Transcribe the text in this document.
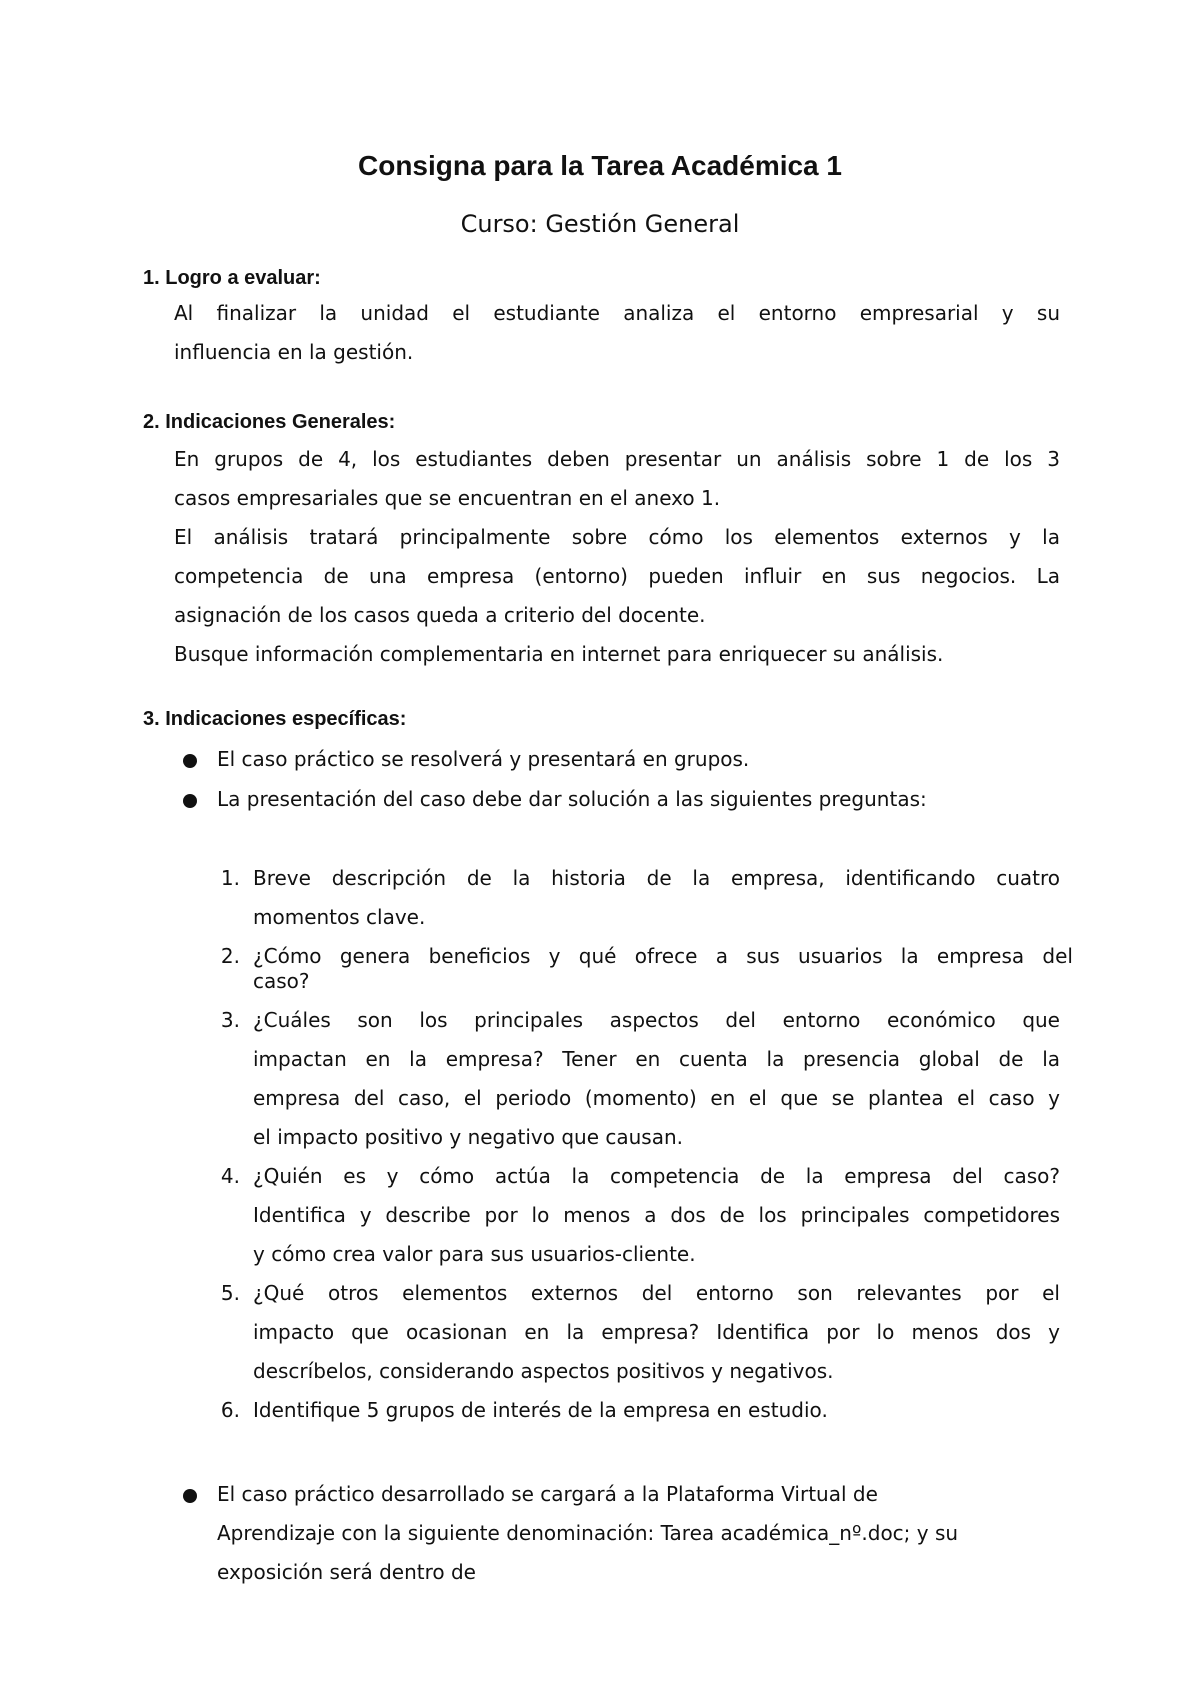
Consigna para la Tarea Académica 1

Curso: Gestión General

1. Logro a evaluar:

Al finalizar la unidad el estudiante analiza el entorno empresarial y su

influencia en la gestión.

2. Indicaciones Generales:

En grupos de 4, los estudiantes deben presentar un análisis sobre 1 de los 3

casos empresariales que se encuentran en el anexo 1.

El análisis tratará principalmente sobre cómo los elementos externos y la

competencia de una empresa (entorno) pueden influir en sus negocios. La

asignación de los casos queda a criterio del docente.

Busque información complementaria en internet para enriquecer su análisis.

3. Indicaciones específicas:

El caso práctico se resolverá y presentará en grupos.

La presentación del caso debe dar solución a las siguientes preguntas:

1. Breve descripción de la historia de la empresa, identificando cuatro

momentos clave.

2. ¿Cómo genera beneficios y qué ofrece a sus usuarios la empresa del

caso?

3. ¿Cuáles son los principales aspectos del entorno económico que

impactan en la empresa? Tener en cuenta la presencia global de la

empresa del caso, el periodo (momento) en el que se plantea el caso y

el impacto positivo y negativo que causan.

4. ¿Quién es y cómo actúa la competencia de la empresa del caso?

Identifica y describe por lo menos a dos de los principales competidores

y cómo crea valor para sus usuarios-cliente.

5. ¿Qué otros elementos externos del entorno son relevantes por el

impacto que ocasionan en la empresa? Identifica por lo menos dos y

descríbelos, considerando aspectos positivos y negativos.

6. Identifique 5 grupos de interés de la empresa en estudio.

El caso práctico desarrollado se cargará a la Plataforma Virtual de

Aprendizaje con la siguiente denominación: Tarea académica_nº.doc; y su

exposición será dentro de
